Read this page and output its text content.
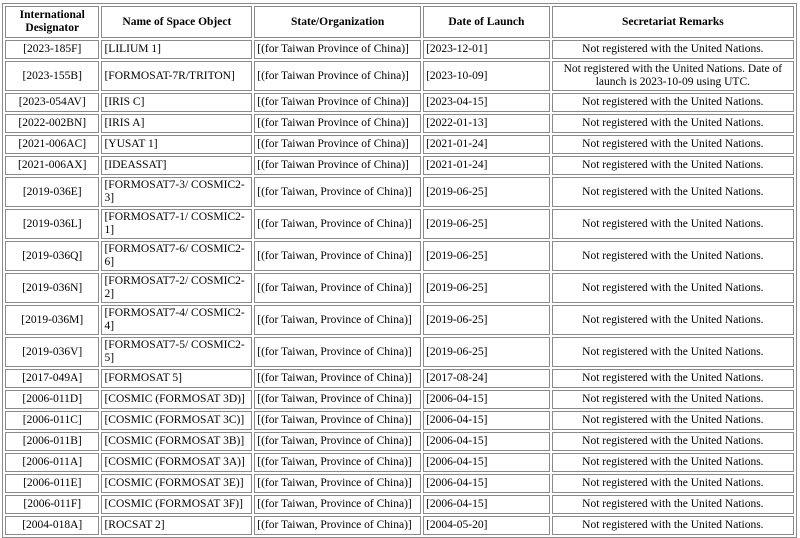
International Designator	Name of Space Object	State/Organization	Date of Launch	Secretariat Remarks
[2023-185F]	[LILIUM 1]	[(for Taiwan Province of China)]	[2023-12-01]	Not registered with the United Nations.
[2023-155B]	[FORMOSAT-7R/TRITON]	[(for Taiwan Province of China)]	[2023-10-09]	Not registered with the United Nations. Date of launch is 2023-10-09 using UTC.
[2023-054AV]	[IRIS C]	[(for Taiwan Province of China)]	[2023-04-15]	Not registered with the United Nations.
[2022-002BN]	[IRIS A]	[(for Taiwan Province of China)]	[2022-01-13]	Not registered with the United Nations.
[2021-006AC]	[YUSAT 1]	[(for Taiwan Province of China)]	[2021-01-24]	Not registered with the United Nations.
[2021-006AX]	[IDEASSAT]	[(for Taiwan Province of China)]	[2021-01-24]	Not registered with the United Nations.
[2019-036E]	[FORMOSAT7-3/ COSMIC2-3]	[(for Taiwan, Province of China)]	[2019-06-25]	Not registered with the United Nations.
[2019-036L]	[FORMOSAT7-1/ COSMIC2-1]	[(for Taiwan, Province of China)]	[2019-06-25]	Not registered with the United Nations.
[2019-036Q]	[FORMOSAT7-6/ COSMIC2-6]	[(for Taiwan, Province of China)]	[2019-06-25]	Not registered with the United Nations.
[2019-036N]	[FORMOSAT7-2/ COSMIC2-2]	[(for Taiwan, Province of China)]	[2019-06-25]	Not registered with the United Nations.
[2019-036M]	[FORMOSAT7-4/ COSMIC2-4]	[(for Taiwan, Province of China)]	[2019-06-25]	Not registered with the United Nations.
[2019-036V]	[FORMOSAT7-5/ COSMIC2-5]	[(for Taiwan, Province of China)]	[2019-06-25]	Not registered with the United Nations.
[2017-049A]	[FORMOSAT 5]	[(for Taiwan, Province of China)]	[2017-08-24]	Not registered with the United Nations.
[2006-011D]	[COSMIC (FORMOSAT 3D)]	[(for Taiwan, Province of China)]	[2006-04-15]	Not registered with the United Nations.
[2006-011C]	[COSMIC (FORMOSAT 3C)]	[(for Taiwan, Province of China)]	[2006-04-15]	Not registered with the United Nations.
[2006-011B]	[COSMIC (FORMOSAT 3B)]	[(for Taiwan, Province of China)]	[2006-04-15]	Not registered with the United Nations.
[2006-011A]	[COSMIC (FORMOSAT 3A)]	[(for Taiwan, Province of China)]	[2006-04-15]	Not registered with the United Nations.
[2006-011E]	[COSMIC (FORMOSAT 3E)]	[(for Taiwan, Province of China)]	[2006-04-15]	Not registered with the United Nations.
[2006-011F]	[COSMIC (FORMOSAT 3F)]	[(for Taiwan, Province of China)]	[2006-04-15]	Not registered with the United Nations.
[2004-018A]	[ROCSAT 2]	[(for Taiwan, Province of China)]	[2004-05-20]	Not registered with the United Nations.
